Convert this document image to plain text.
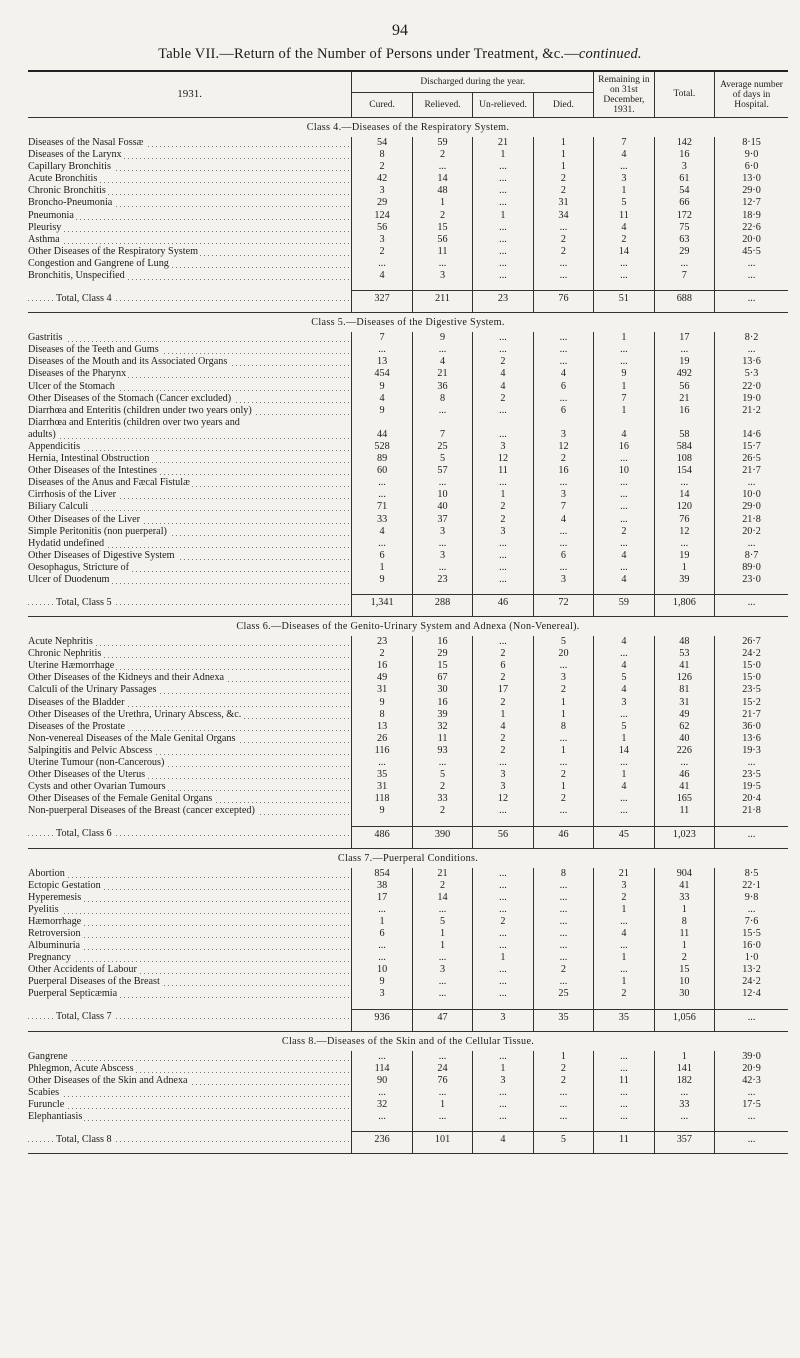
94
Table VII.—Return of the Number of Persons under Treatment, &c.—continued.
1931.	Discharged during the year.				Remaining in on 31st December, 1931.	Total.	Average number of days in Hospital.
	Cured.	Relieved.	Un-relieved.	Died.			
Class 4.—Diseases of the Respiratory System.							
Diseases of the Nasal Fossæ	54	59	21	1	7	142	8·15
Diseases of the Larynx	8	2	1	1	4	16	9·0
Capillary Bronchitis	2	...	...	1	...	3	6·0
Acute Bronchitis	42	14	...	2	3	61	13·0
Chronic Bronchitis	3	48	...	2	1	54	29·0
Broncho-Pneumonia	29	1	...	31	5	66	12·7
Pneumonia	124	2	1	34	11	172	18·9
Pleurisy	56	15	...	...	4	75	22·6
Asthma	3	56	...	2	2	63	20·0
Other Diseases of the Respiratory System	2	11	...	2	14	29	45·5
Congestion and Gangrene of Lung	...	...	...	...	...	...	...
Bronchitis, Unspecified	4	3	...	...	...	7	...

Total, Class 4	327	211	23	76	51	688	...

Class 5.—Diseases of the Digestive System.							
Gastritis	7	9	...	...	1	17	8·2
Diseases of the Teeth and Gums	...	...	...	...	...	...	...
Diseases of the Mouth and its Associated Organs	13	4	2	...	...	19	13·6
Diseases of the Pharynx	454	21	4	4	9	492	5·3
Ulcer of the Stomach	9	36	4	6	1	56	22·0
Other Diseases of the Stomach (Cancer excluded)	4	8	2	...	7	21	19·0
Diarrhœa and Enteritis (children under two years only)	9	...	...	6	1	16	21·2
Diarrhœa and Enteritis (children over two years and							
adults)	44	7	...	3	4	58	14·6
Appendicitis	528	25	3	12	16	584	15·7
Hernia, Intestinal Obstruction	89	5	12	2	...	108	26·5
Other Diseases of the Intestines	60	57	11	16	10	154	21·7
Diseases of the Anus and Fæcal Fistulæ	...	...	...	...	...	...	...
Cirrhosis of the Liver	...	10	1	3	...	14	10·0
Biliary Calculi	71	40	2	7	...	120	29·0
Other Diseases of the Liver	33	37	2	4	...	76	21·8
Simple Peritonitis (non puerperal)	4	3	3	...	2	12	20·2
Hydatid undefined	...	...	...	...	...	...	...
Other Diseases of Digestive System	6	3	...	6	4	19	8·7
Oesophagus, Stricture of	1	...	...	...	...	1	89·0
Ulcer of Duodenum	9	23	...	3	4	39	23·0

Total, Class 5	1,341	288	46	72	59	1,806	...

Class 6.—Diseases of the Genito-Urinary System and Adnexa (Non-Venereal).							
Acute Nephritis	23	16	...	5	4	48	26·7
Chronic Nephritis	2	29	2	20	...	53	24·2
Uterine Hæmorrhage	16	15	6	...	4	41	15·0
Other Diseases of the Kidneys and their Adnexa	49	67	2	3	5	126	15·0
Calculi of the Urinary Passages	31	30	17	2	4	81	23·5
Diseases of the Bladder	9	16	2	1	3	31	15·2
Other Diseases of the Urethra, Urinary Abscess, &c.	8	39	1	1	...	49	21·7
Diseases of the Prostate	13	32	4	8	5	62	36·0
Non-venereal Diseases of the Male Genital Organs	26	11	2	...	1	40	13·6
Salpingitis and Pelvic Abscess	116	93	2	1	14	226	19·3
Uterine Tumour (non-Cancerous)	...	...	...	...	...	...	...
Other Diseases of the Uterus	35	5	3	2	1	46	23·5
Cysts and other Ovarian Tumours	31	2	3	1	4	41	19·5
Other Diseases of the Female Genital Organs	118	33	12	2	...	165	20·4
Non-puerperal Diseases of the Breast (cancer excepted)	9	2	...	...	...	11	21·8

Total, Class 6	486	390	56	46	45	1,023	...

Class 7.—Puerperal Conditions.							
Abortion	854	21	...	8	21	904	8·5
Ectopic Gestation	38	2	...	...	3	41	22·1
Hyperemesis	17	14	...	...	2	33	9·8
Pyelitis	...	...	...	...	1	1	...
Hæmorrhage	1	5	2	...	...	8	7·6
Retroversion	6	1	...	...	4	11	15·5
Albuminuria	...	1	...	...	...	1	16·0
Pregnancy	...	...	1	...	1	2	1·0
Other Accidents of Labour	10	3	...	2	...	15	13·2
Puerperal Diseases of the Breast	9	...	...	...	1	10	24·2
Puerperal Septicæmia	3	...	...	25	2	30	12·4

Total, Class 7	936	47	3	35	35	1,056	...

Class 8.—Diseases of the Skin and of the Cellular Tissue.							
Gangrene	...	...	...	1	...	1	39·0
Phlegmon, Acute Abscess	114	24	1	2	...	141	20·9
Other Diseases of the Skin and Adnexa	90	76	3	2	11	182	42·3
Scabies	...	...	...	...	...	...	...
Furuncle	32	1	...	...	...	33	17·5
Elephantiasis	...	...	...	...	...	...	...

Total, Class 8	236	101	4	5	11	357	...
